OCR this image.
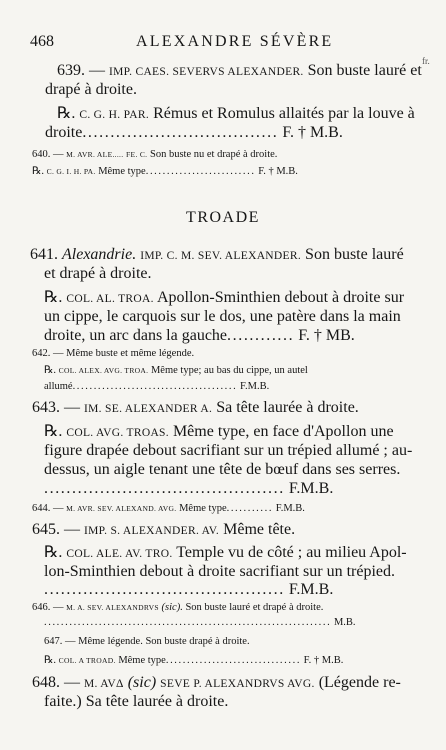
468	ALEXANDRE SÉVÈRE
fr.
639. — IMP. CAES. SEVERVS ALEXANDER. Son buste lauré et
drapé à droite.
℞. C. G. H. PAR. Rémus et Romulus allaités par la louve à
droite................................... F. † M.B.
640. — M. AVR. ALE..... FE. C. Son buste nu et drapé à droite.
℞. C. G. I. H. PA. Même type.......................... F. † M.B.
TROADE
641. Alexandrie. IMP. C. M. SEV. ALEXANDER. Son buste lauré
et drapé à droite.
℞. COL. AL. TROA. Apollon-Sminthien debout à droite sur
un cippe, le carquois sur le dos, une patère dans la main
droite, un arc dans la gauche............ F. † MB.
642. — Même buste et même légende.
℞. COL. ALEX. AVG. TROA. Même type; au bas du cippe, un autel
allumé....................................... F.M.B.
643. — IM. SE. ALEXANDER A. Sa tête laurée à droite.
℞. COL. AVG. TROAS. Même type, en face d'Apollon une
figure drapée debout sacrifiant sur un trépied allumé ; au-
dessus, un aigle tenant une tête de bœuf dans ses serres.
........................................... F.M.B.
644. — M. AVR. SEV. ALEXAND. AVG. Même type........... F.M.B.
645. — IMP. S. ALEXANDER. AV. Même tête.
℞. COL. ALE. AV. TRO. Temple vu de côté ; au milieu Apol-
lon-Sminthien debout à droite sacrifiant sur un trépied.
........................................... F.M.B.
646. — M. A. SEV. ALEXANDRVS (sic). Son buste lauré et drapé à droite.
.................................................................... M.B.
647. — Même légende. Son buste drapé à droite.
℞. COL. A TROAD. Même type................................ F. † M.B.
648. — M. AVΔ (sic) SEVE P. ALEXANDRVS AVG. (Légende re-
faite.) Sa tête laurée à droite.
